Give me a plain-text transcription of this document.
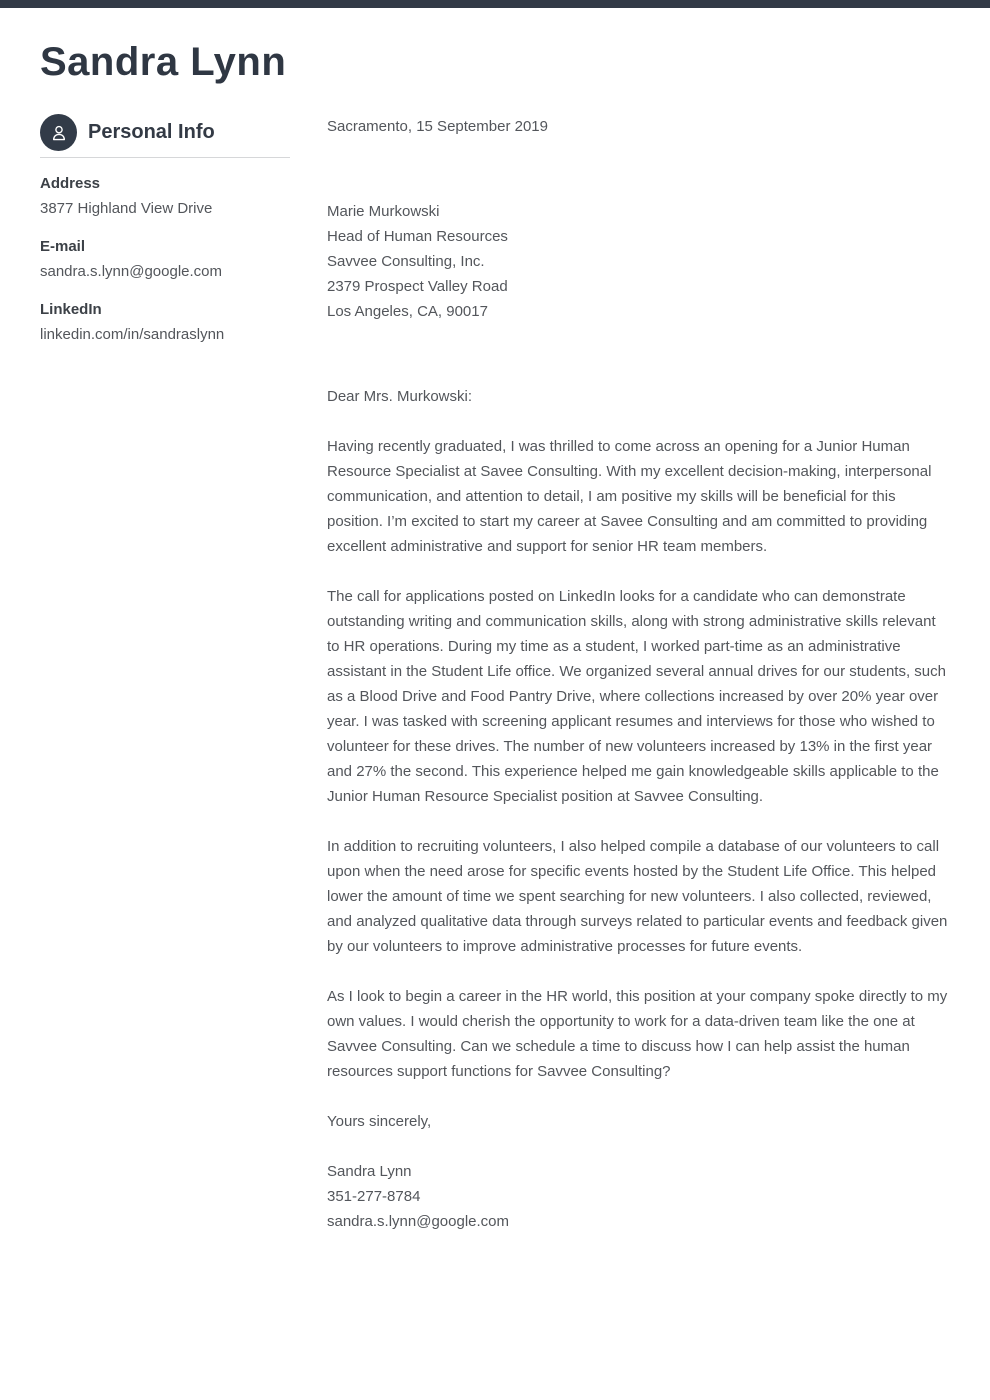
Sandra Lynn
Personal Info

Address

3877 Highland View Drive

E-mail

sandra.s.lynn@google.com

LinkedIn

linkedin.com/in/sandraslynn

Sacramento, 15 September 2019

Marie Murkowski

Head of Human Resources

Savvee Consulting, Inc.

2379 Prospect Valley Road

Los Angeles, CA, 90017

Dear Mrs. Murkowski:

Having recently graduated, I was thrilled to come across an opening for a Junior Human Resource Specialist at Savee Consulting. With my excellent decision-making, interpersonal communication, and attention to detail, I am positive my skills will be beneficial for this position. I’m excited to start my career at Savee Consulting and am committed to providing excellent administrative and support for senior HR team members.

The call for applications posted on LinkedIn looks for a candidate who can demonstrate outstanding writing and communication skills, along with strong administrative skills relevant to HR operations. During my time as a student, I worked part-time as an administrative assistant in the Student Life office. We organized several annual drives for our students, such as a Blood Drive and Food Pantry Drive, where collections increased by over 20% year over year. I was tasked with screening applicant resumes and interviews for those who wished to volunteer for these drives. The number of new volunteers increased by 13% in the first year and 27% the second. This experience helped me gain knowledgeable skills applicable to the Junior Human Resource Specialist position at Savvee Consulting.

In addition to recruiting volunteers, I also helped compile a database of our volunteers to call upon when the need arose for specific events hosted by the Student Life Office. This helped lower the amount of time we spent searching for new volunteers. I also collected, reviewed, and analyzed qualitative data through surveys related to particular events and feedback given by our volunteers to improve administrative processes for future events.

As I look to begin a career in the HR world, this position at your company spoke directly to my own values. I would cherish the opportunity to work for a data-driven team like the one at Savvee Consulting. Can we schedule a time to discuss how I can help assist the human resources support functions for Savvee Consulting?

Yours sincerely,

Sandra Lynn

351-277-8784

sandra.s.lynn@google.com
